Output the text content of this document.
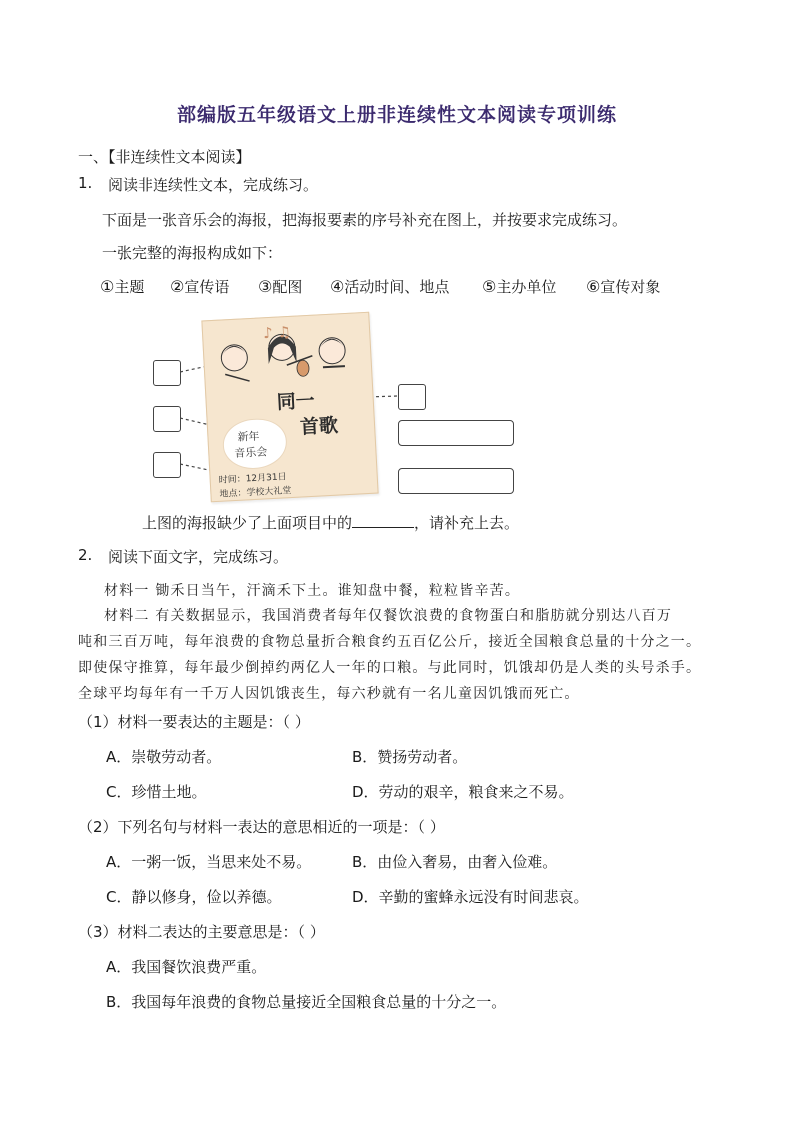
部编版五年级语文上册非连续性文本阅读专项训练
一、【非连续性文本阅读】
1. 阅读非连续性文本，完成练习。
下面是一张音乐会的海报，把海报要素的序号补充在图上，并按要求完成练习。
一张完整的海报构成如下：
①主题 ②宣传语 ③配图 ④活动时间、地点 ⑤主办单位 ⑥宣传对象
♪ ♫
同一
首歌
新年
音乐会
时间：12月31日
地点：学校大礼堂
上图的海报缺少了上面项目中的	，请补充上去。
2. 阅读下面文字，完成练习。
材料一 锄禾日当午，汗滴禾下土。谁知盘中餐，粒粒皆辛苦。
材料二 有关数据显示，我国消费者每年仅餐饮浪费的食物蛋白和脂肪就分别达八百万
吨和三百万吨，每年浪费的食物总量折合粮食约五百亿公斤，接近全国粮食总量的十分之一。
即使保守推算，每年最少倒掉约两亿人一年的口粮。与此同时，饥饿却仍是人类的头号杀手。
全球平均每年有一千万人因饥饿丧生，每六秒就有一名儿童因饥饿而死亡。
（1）材料一要表达的主题是：（ ）
A．崇敬劳动者。	B．赞扬劳动者。
C．珍惜土地。	D．劳动的艰辛，粮食来之不易。
（2）下列名句与材料一表达的意思相近的一项是：（ ）
A．一粥一饭，当思来处不易。	B．由俭入奢易，由奢入俭难。
C．静以修身，俭以养德。	D．辛勤的蜜蜂永远没有时间悲哀。
（3）材料二表达的主要意思是：（ ）
A．我国餐饮浪费严重。
B．我国每年浪费的食物总量接近全国粮食总量的十分之一。
